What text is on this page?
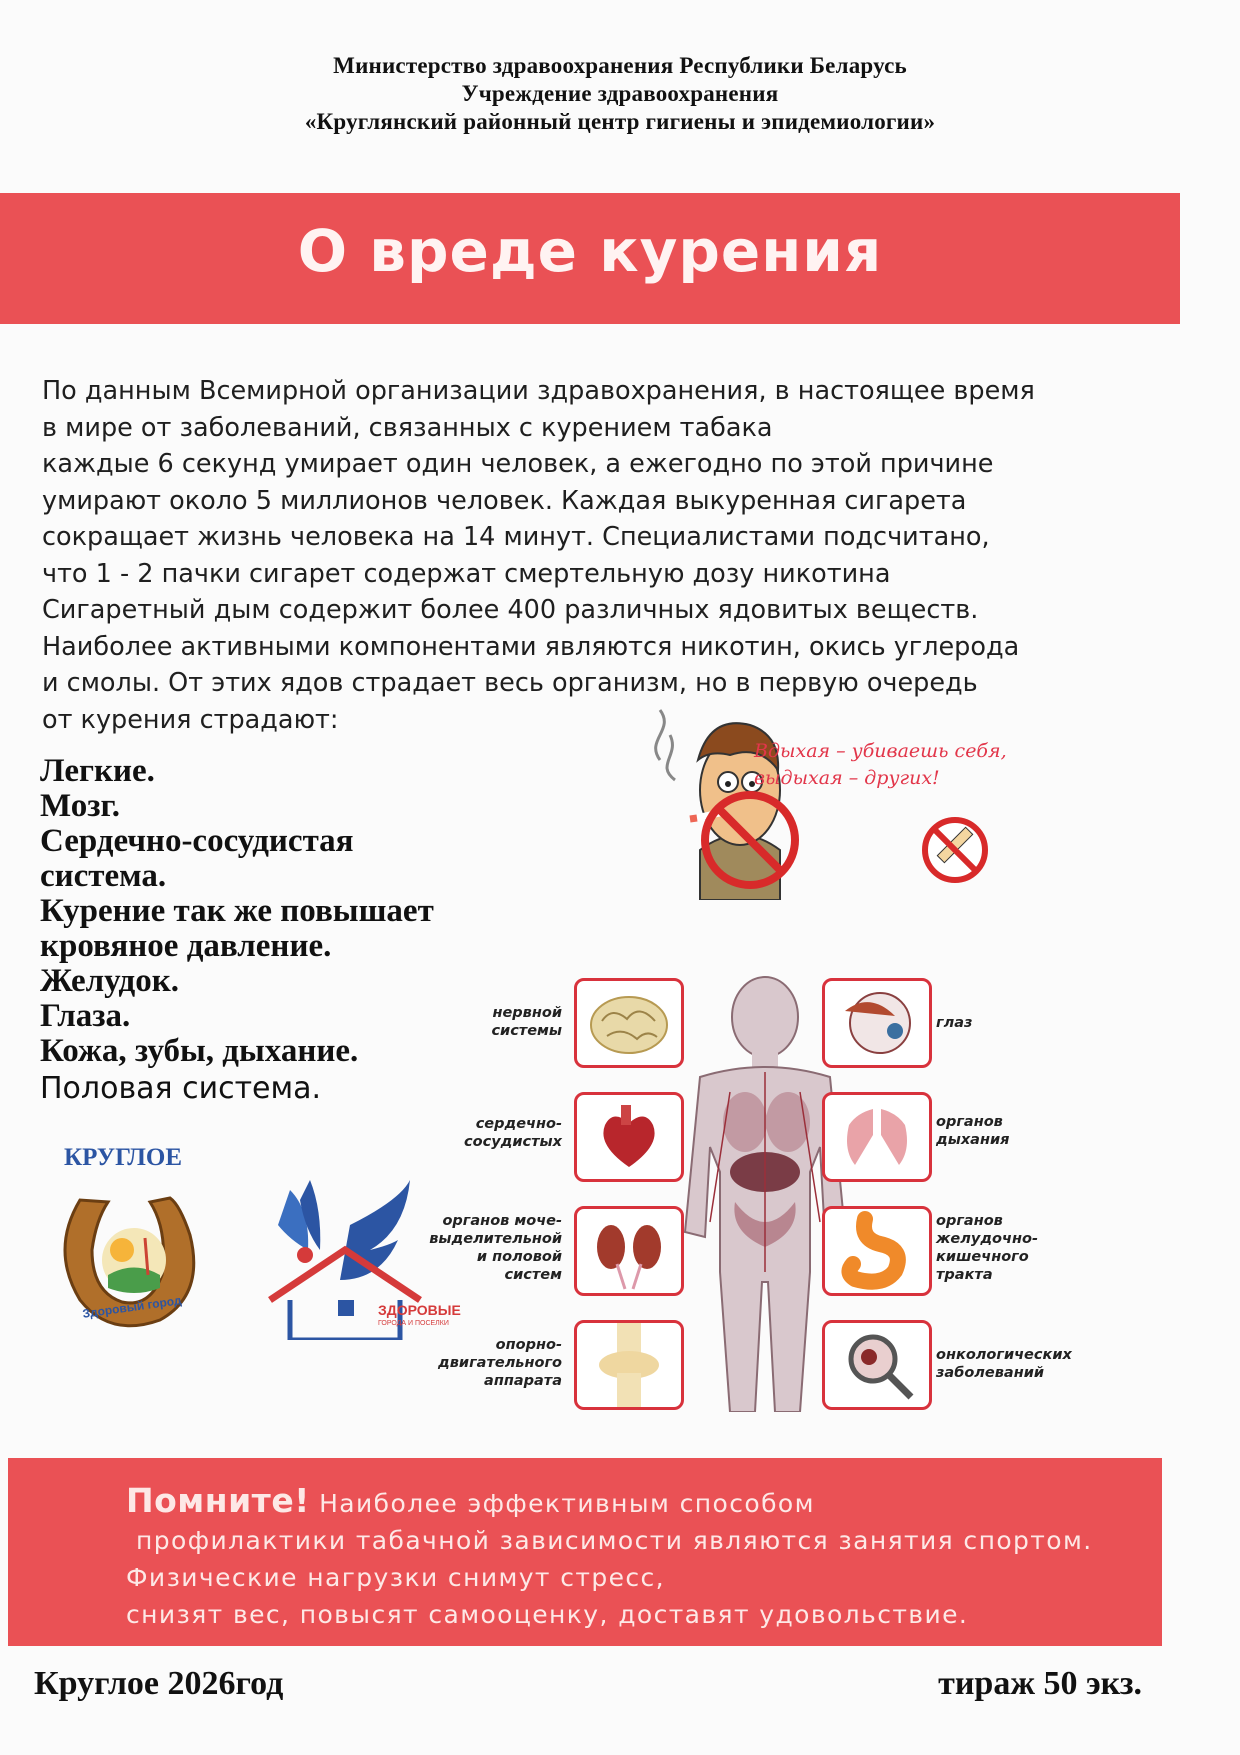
Министерство здравоохранения Республики Беларусь
Учреждение здравоохранения
«Круглянский районный центр гигиены и эпидемиологии»
О вреде курения
По данным Всемирной организации здравохранения, в настоящее время
в мире от заболеваний, связанных с курением табака
каждые 6 секунд умирает один человек, а ежегодно по этой причине
умирают около 5 миллионов человек. Каждая выкуренная сигарета
сокращает жизнь человека на 14 минут. Специалистами подсчитано,
что 1 - 2 пачки сигарет содержат смертельную дозу никотина
Сигаретный дым содержит более 400 различных ядовитых веществ.
Наиболее активными компонентами являются никотин, окись углерода
и смолы. От этих ядов страдает весь организм, но в первую очередь
от курения страдают:
Легкие.
Мозг.
Сердечно-сосудистая
система.
Курение так же повышает
кровяное давление.
Желудок.
Глаза.
Кожа, зубы, дыхание.
Половая система.
Вдыхая – убиваешь себя,
выдыхая – других!
нервной
системы
сердечно-
сосудистых
органов моче-
выделительной
и половой
систем
опорно-
двигательного
аппарата
глаз
органов
дыхания
органов
желудочно-
кишечного
тракта
онкологических
заболеваний
КРУГЛОЕ
Здоровый город	ЗДОРОВЫЕ
ГОРОДА И ПОСЕЛКИ
Помните! Наиболее эффективным способом
профилактики табачной зависимости являются занятия спортом.
Физические нагрузки снимут стресс,
снизят вес, повысят самооценку, доставят удовольствие.
Круглое 2026год	тираж 50 экз.
